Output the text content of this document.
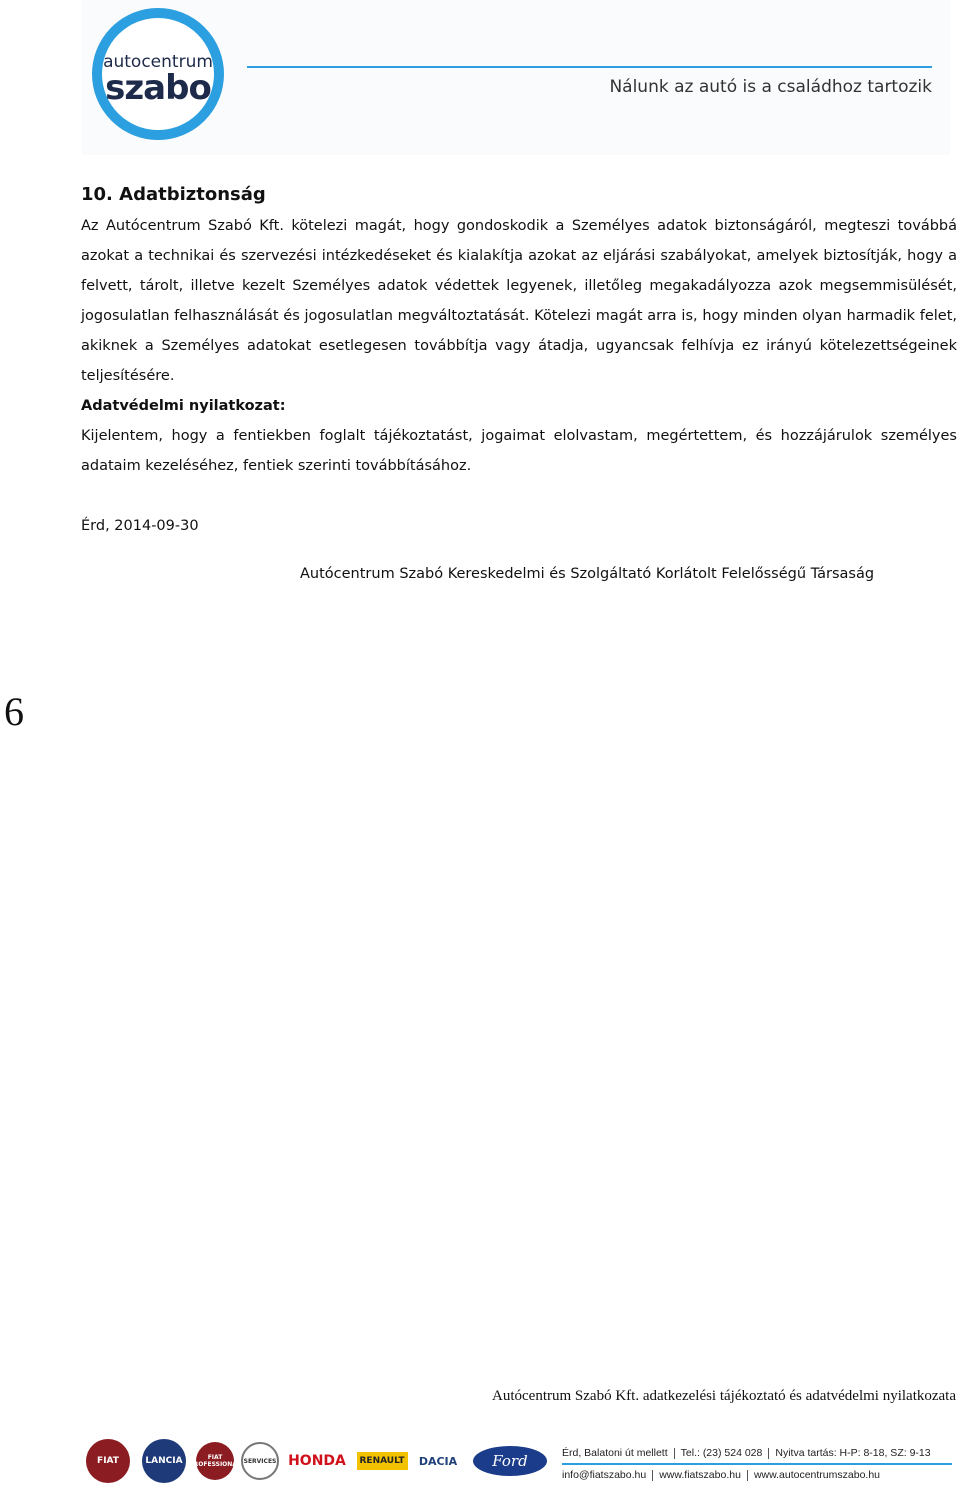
autocentrum
szabo	Nálunk az autó is a családhoz tartozik
10. Adatbiztonság

Az Autócentrum Szabó Kft. kötelezi magát, hogy gondoskodik a Személyes adatok biztonságáról, megteszi továbbá azokat a technikai és szervezési intézkedéseket és kialakítja azokat az eljárási szabályokat, amelyek biztosítják, hogy a felvett, tárolt, illetve kezelt Személyes adatok védettek legyenek, illetőleg megakadályozza azok megsemmisülését, jogosulatlan felhasználását és jogosulatlan megváltoztatását. Kötelezi magát arra is, hogy minden olyan harmadik felet, akiknek a Személyes adatokat esetlegesen továbbítja vagy átadja, ugyancsak felhívja ez irányú kötelezettségeinek teljesítésére.

Adatvédelmi nyilatkozat:

Kijelentem, hogy a fentiekben foglalt tájékoztatást, jogaimat elolvastam, megértettem, és hozzájárulok személyes adataim kezeléséhez, fentiek szerinti továbbításához.

Érd, 2014-09-30
Autócentrum Szabó Kereskedelmi és Szolgáltató Korlátolt Felelősségű Társaság
6
Autócentrum Szabó Kft. adatkezelési tájékoztató és adatvédelmi nyilatkozata
FIAT	LANCIA	FIAT PROFESSIONAL SERVICES HONDA	RENAULT DACIA	Ford	Érd, Balatoni út mellett Tel.: (23) 524 028 Nyitva tartás: H-P: 8-18, SZ: 9-13
info@fiatszabo.hu www.fiatszabo.hu www.autocentrumszabo.hu
